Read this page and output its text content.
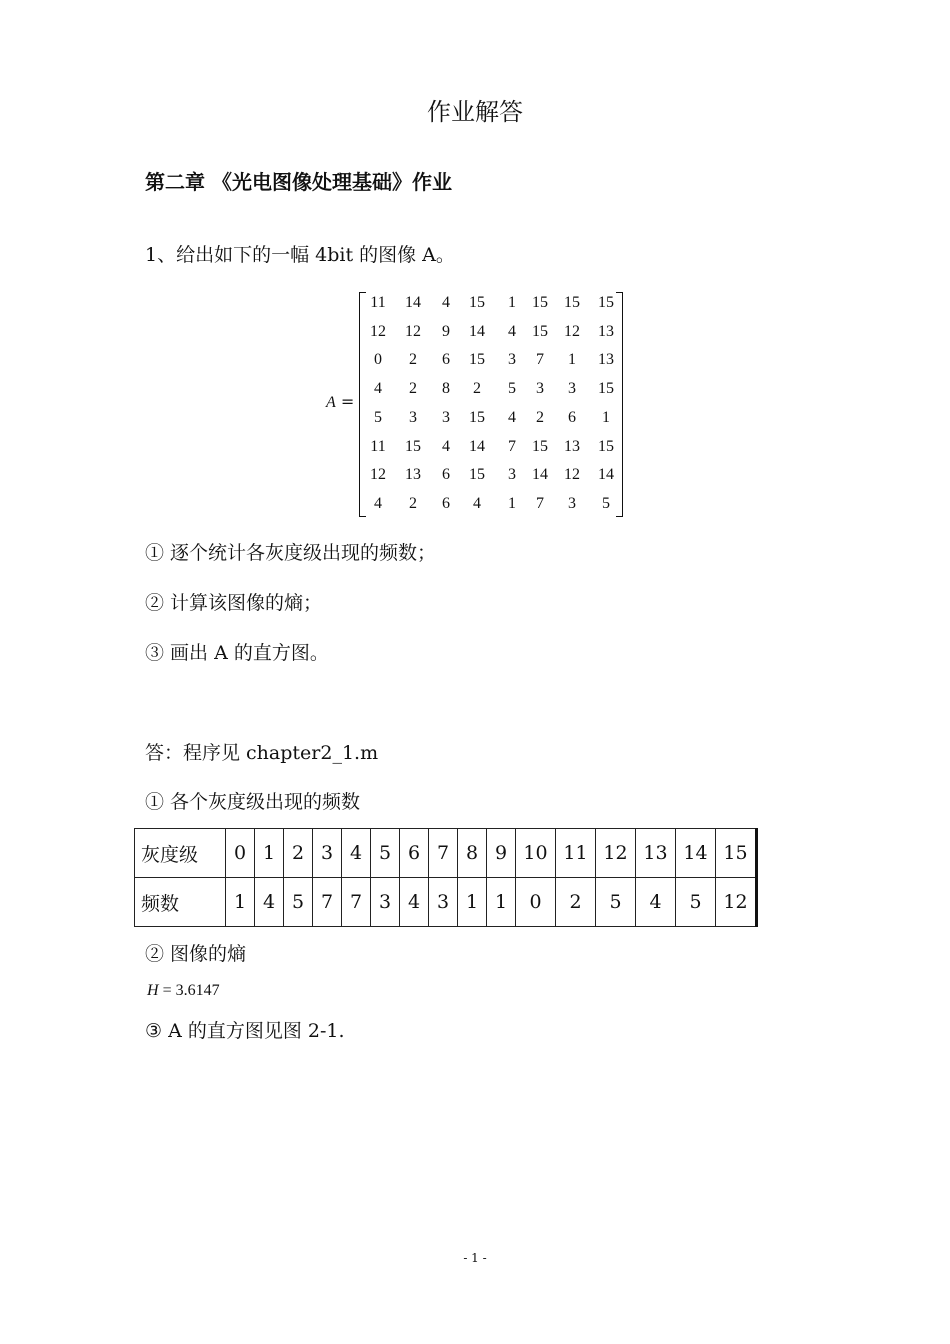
作业解答
第二章 《光电图像处理基础》作业
1、给出如下的一幅 4bit 的图像 A。
A =
11	14	4	15	1	15	15	15
12	12	9	14	4	15	12	13
0	2	6	15	3	7	1	13
4	2	8	2	5	3	3	15
5	3	3	15	4	2	6	1
11	15	4	14	7	15	13	15
12	13	6	15	3	14	12	14
4	2	6	4	1	7	3	5
① 逐个统计各灰度级出现的频数；
② 计算该图像的熵；
③ 画出 A 的直方图。
答：程序见 chapter2_1.m
① 各个灰度级出现的频数
灰度级	0	1	2	3	4	5	6	7	8	9	10	11	12	13	14	15
频数	1	4	5	7	7	3	4	3	1	1	0	2	5	4	5	12
② 图像的熵
H = 3.6147
③ A 的直方图见图 2-1.
- 1 -
